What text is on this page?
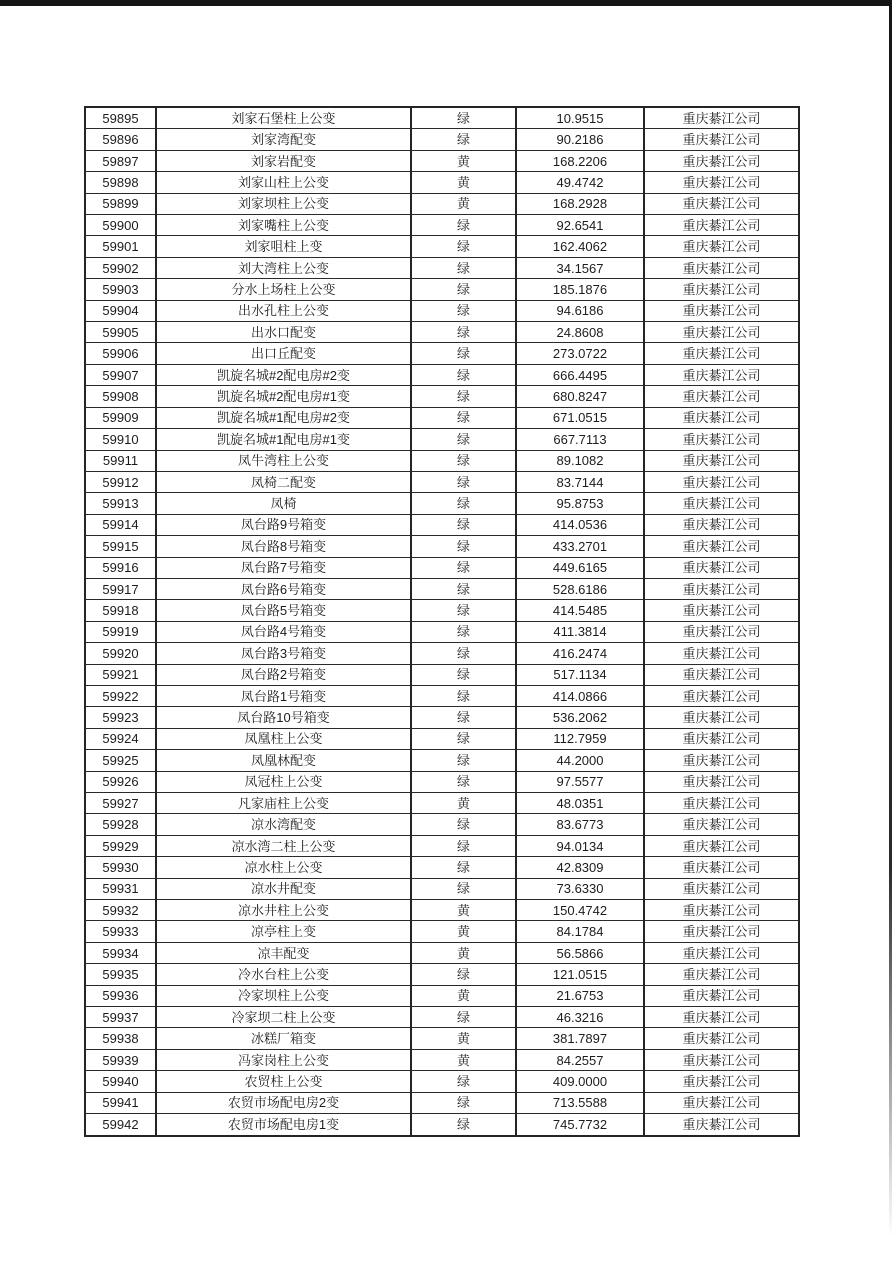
59895	刘家石堡柱上公变	绿	10.9515	重庆綦江公司
59896	刘家湾配变	绿	90.2186	重庆綦江公司
59897	刘家岩配变	黄	168.2206	重庆綦江公司
59898	刘家山柱上公变	黄	49.4742	重庆綦江公司
59899	刘家坝柱上公变	黄	168.2928	重庆綦江公司
59900	刘家嘴柱上公变	绿	92.6541	重庆綦江公司
59901	刘家咀柱上变	绿	162.4062	重庆綦江公司
59902	刘大湾柱上公变	绿	34.1567	重庆綦江公司
59903	分水上场柱上公变	绿	185.1876	重庆綦江公司
59904	出水孔柱上公变	绿	94.6186	重庆綦江公司
59905	出水口配变	绿	24.8608	重庆綦江公司
59906	出口丘配变	绿	273.0722	重庆綦江公司
59907	凯旋名城#2配电房#2变	绿	666.4495	重庆綦江公司
59908	凯旋名城#2配电房#1变	绿	680.8247	重庆綦江公司
59909	凯旋名城#1配电房#2变	绿	671.0515	重庆綦江公司
59910	凯旋名城#1配电房#1变	绿	667.7113	重庆綦江公司
59911	凤牛湾柱上公变	绿	89.1082	重庆綦江公司
59912	凤椅二配变	绿	83.7144	重庆綦江公司
59913	凤椅	绿	95.8753	重庆綦江公司
59914	凤台路9号箱变	绿	414.0536	重庆綦江公司
59915	凤台路8号箱变	绿	433.2701	重庆綦江公司
59916	凤台路7号箱变	绿	449.6165	重庆綦江公司
59917	凤台路6号箱变	绿	528.6186	重庆綦江公司
59918	凤台路5号箱变	绿	414.5485	重庆綦江公司
59919	凤台路4号箱变	绿	411.3814	重庆綦江公司
59920	凤台路3号箱变	绿	416.2474	重庆綦江公司
59921	凤台路2号箱变	绿	517.1134	重庆綦江公司
59922	凤台路1号箱变	绿	414.0866	重庆綦江公司
59923	凤台路10号箱变	绿	536.2062	重庆綦江公司
59924	凤凰柱上公变	绿	112.7959	重庆綦江公司
59925	凤凰林配变	绿	44.2000	重庆綦江公司
59926	凤冠柱上公变	绿	97.5577	重庆綦江公司
59927	凡家庙柱上公变	黄	48.0351	重庆綦江公司
59928	凉水湾配变	绿	83.6773	重庆綦江公司
59929	凉水湾二柱上公变	绿	94.0134	重庆綦江公司
59930	凉水柱上公变	绿	42.8309	重庆綦江公司
59931	凉水井配变	绿	73.6330	重庆綦江公司
59932	凉水井柱上公变	黄	150.4742	重庆綦江公司
59933	凉亭柱上变	黄	84.1784	重庆綦江公司
59934	凉丰配变	黄	56.5866	重庆綦江公司
59935	冷水台柱上公变	绿	121.0515	重庆綦江公司
59936	冷家坝柱上公变	黄	21.6753	重庆綦江公司
59937	冷家坝二柱上公变	绿	46.3216	重庆綦江公司
59938	冰糕厂箱变	黄	381.7897	重庆綦江公司
59939	冯家岗柱上公变	黄	84.2557	重庆綦江公司
59940	农贸柱上公变	绿	409.0000	重庆綦江公司
59941	农贸市场配电房2变	绿	713.5588	重庆綦江公司
59942	农贸市场配电房1变	绿	745.7732	重庆綦江公司
